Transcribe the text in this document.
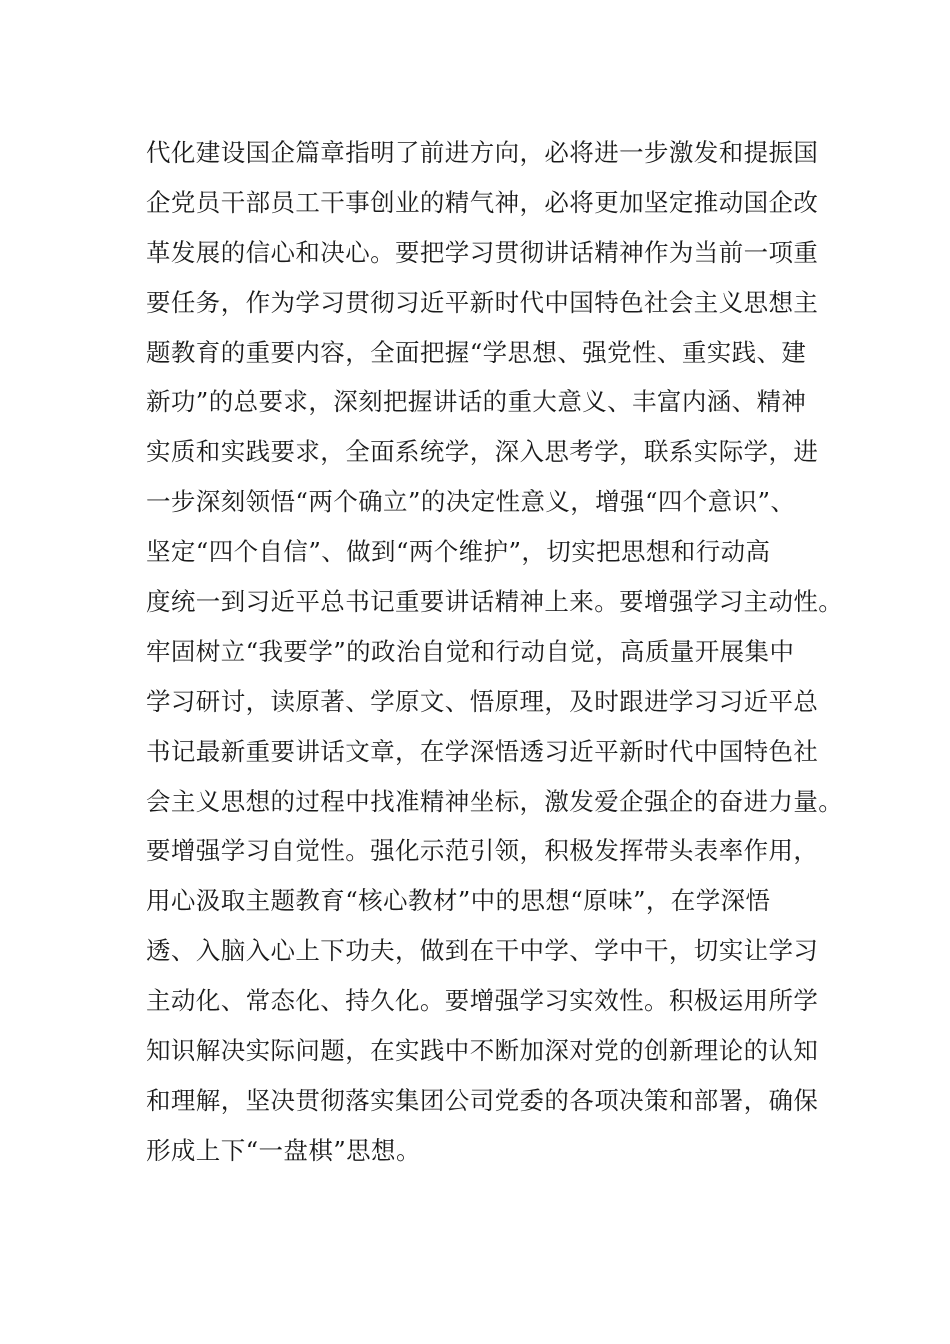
代化建设国企篇章指明了前进方向，必将进一步激发和提振国
企党员干部员工干事创业的精气神，必将更加坚定推动国企改
革发展的信心和决心。要把学习贯彻讲话精神作为当前一项重
要任务，作为学习贯彻习近平新时代中国特色社会主义思想主
题教育的重要内容，全面把握“学思想、强党性、重实践、建
新功”的总要求，深刻把握讲话的重大意义、丰富内涵、精神
实质和实践要求，全面系统学，深入思考学，联系实际学，进
一步深刻领悟“两个确立”的决定性意义，增强“四个意识”、
坚定“四个自信”、做到“两个维护”，切实把思想和行动高
度统一到习近平总书记重要讲话精神上来。要增强学习主动性。
牢固树立“我要学”的政治自觉和行动自觉，高质量开展集中
学习研讨，读原著、学原文、悟原理，及时跟进学习习近平总
书记最新重要讲话文章，在学深悟透习近平新时代中国特色社
会主义思想的过程中找准精神坐标，激发爱企强企的奋进力量。
要增强学习自觉性。强化示范引领，积极发挥带头表率作用，
用心汲取主题教育“核心教材”中的思想“原味”，在学深悟
透、入脑入心上下功夫，做到在干中学、学中干，切实让学习
主动化、常态化、持久化。要增强学习实效性。积极运用所学
知识解决实际问题，在实践中不断加深对党的创新理论的认知
和理解，坚决贯彻落实集团公司党委的各项决策和部署，确保
形成上下“一盘棋”思想。
